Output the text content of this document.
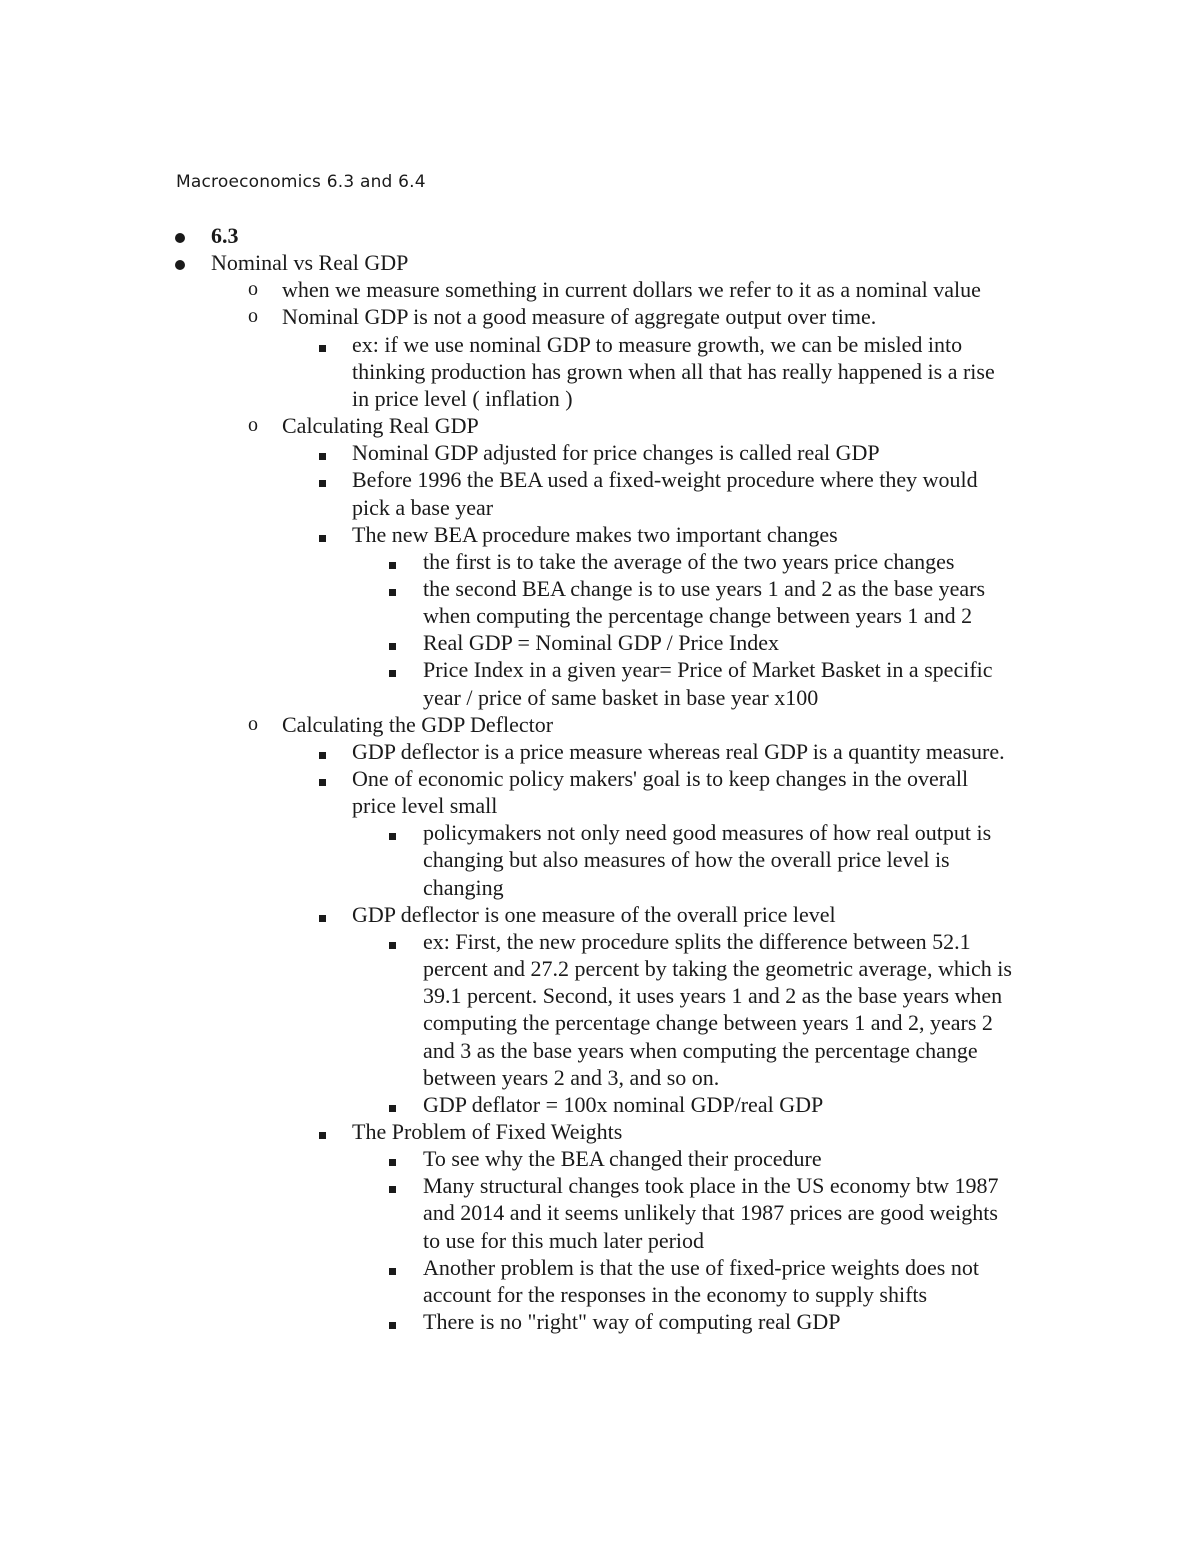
Macroeconomics 6.3 and 6.4
6.3
Nominal vs Real GDP
o when we measure something in current dollars we refer to it as a nominal value
o Nominal GDP is not a good measure of aggregate output over time.
ex: if we use nominal GDP to measure growth, we can be misled into
thinking production has grown when all that has really happened is a rise
in price level ( inflation )
o Calculating Real GDP
Nominal GDP adjusted for price changes is called real GDP
Before 1996 the BEA used a fixed-weight procedure where they would
pick a base year
The new BEA procedure makes two important changes
the first is to take the average of the two years price changes
the second BEA change is to use years 1 and 2 as the base years
when computing the percentage change between years 1 and 2
Real GDP = Nominal GDP / Price Index
Price Index in a given year= Price of Market Basket in a specific
year / price of same basket in base year x100
o Calculating the GDP Deflector
GDP deflector is a price measure whereas real GDP is a quantity measure.
One of economic policy makers' goal is to keep changes in the overall
price level small
policymakers not only need good measures of how real output is
changing but also measures of how the overall price level is
changing
GDP deflector is one measure of the overall price level
ex: First, the new procedure splits the difference between 52.1
percent and 27.2 percent by taking the geometric average, which is
39.1 percent. Second, it uses years 1 and 2 as the base years when
computing the percentage change between years 1 and 2, years 2
and 3 as the base years when computing the percentage change
between years 2 and 3, and so on.
GDP deflator = 100x nominal GDP/real GDP
The Problem of Fixed Weights
To see why the BEA changed their procedure
Many structural changes took place in the US economy btw 1987
and 2014 and it seems unlikely that 1987 prices are good weights
to use for this much later period
Another problem is that the use of fixed-price weights does not
account for the responses in the economy to supply shifts
There is no "right" way of computing real GDP
